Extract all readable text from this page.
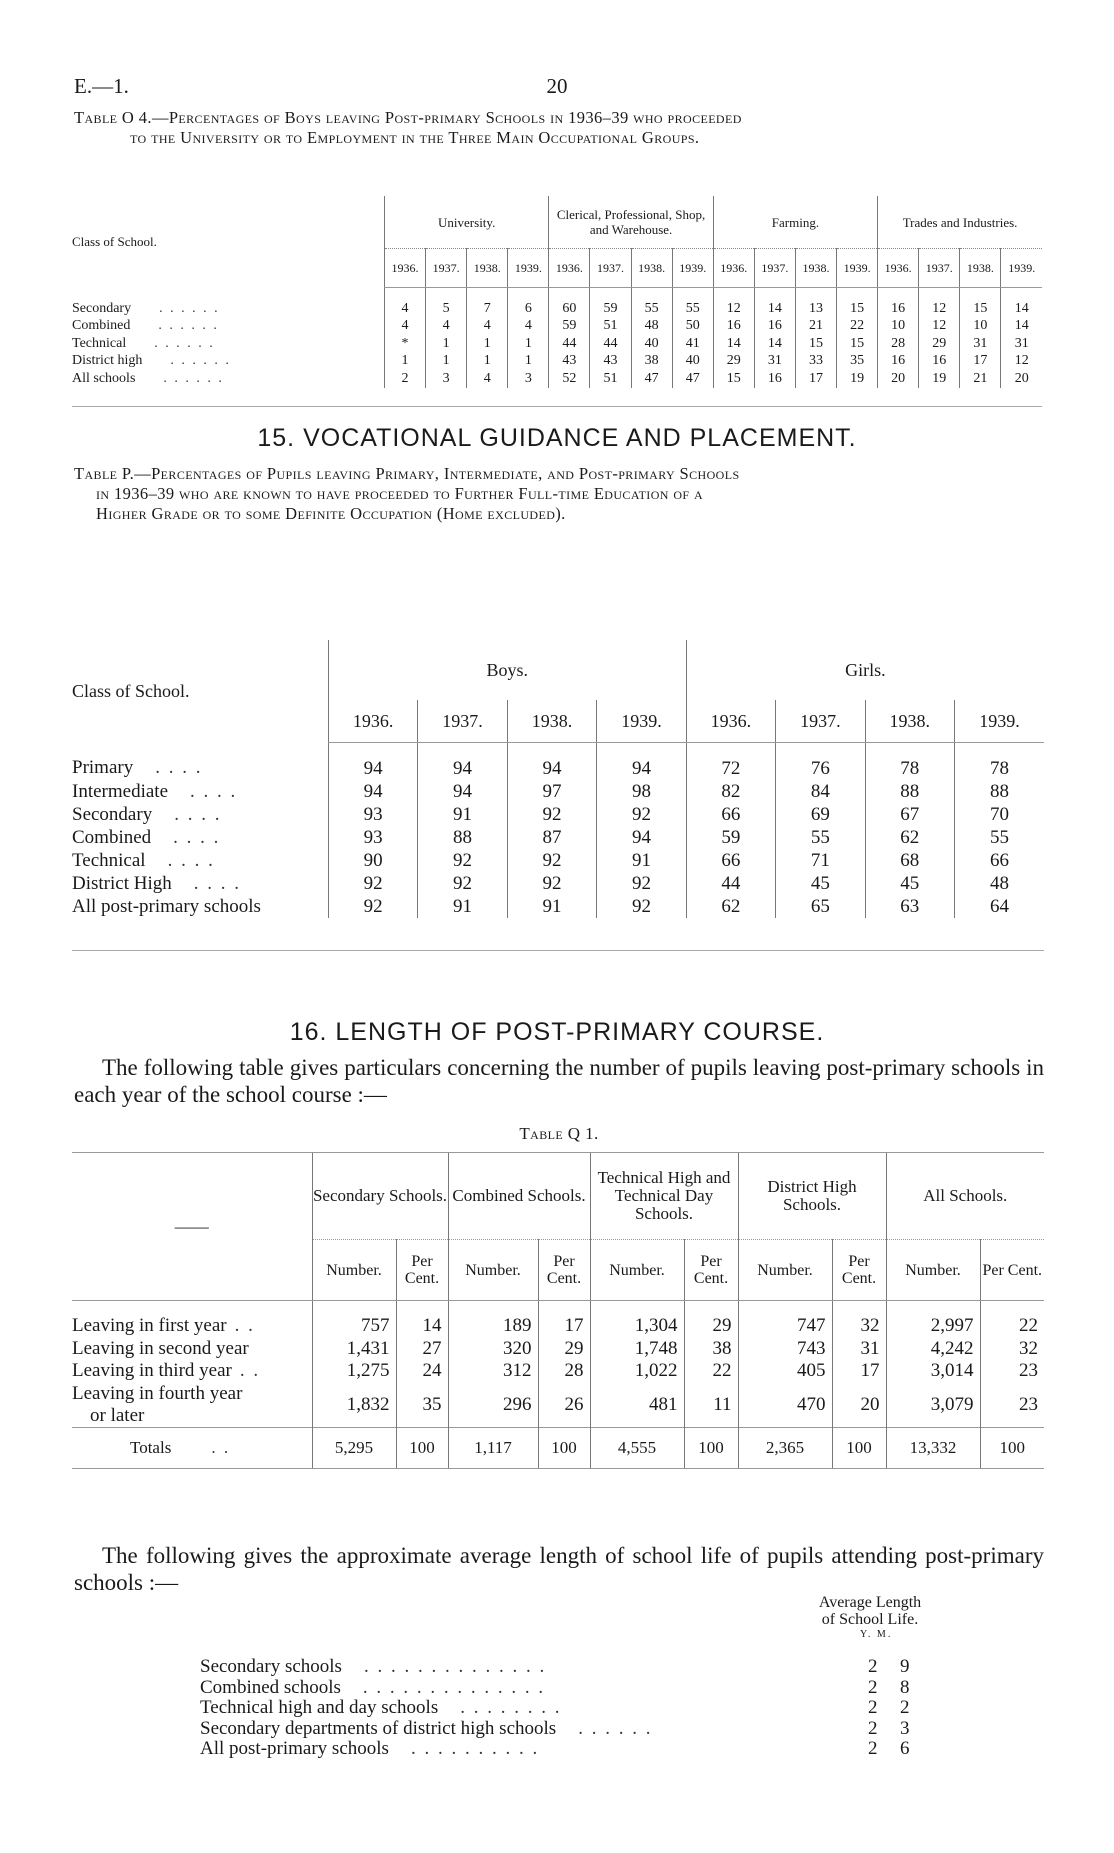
E.—1.	20
Table O 4.—Percentages of Boys leaving Post-primary Schools in 1936–39 who proceeded
to the University or to Employment in the Three Main Occupational Groups.
Class of School.	University.				Clerical, Professional, Shop, and Warehouse.				Farming.				Trades and Industries.			
	1936.	1937.	1938.	1939.	1936.	1937.	1938.	1939.	1936.	1937.	1938.	1939.	1936.	1937.	1938.	1939.
Secondary . . . . . .	4	5	7	6	60	59	55	55	12	14	13	15	16	12	15	14
Combined . . . . . .	4	4	4	4	59	51	48	50	16	16	21	22	10	12	10	14
Technical . . . . . .	*	1	1	1	44	44	40	41	14	14	15	15	28	29	31	31
District high . . . . . .	1	1	1	1	43	43	38	40	29	31	33	35	16	16	17	12
All schools . . . . . .	2	3	4	3	52	51	47	47	15	16	17	19	20	19	21	20

15. VOCATIONAL GUIDANCE AND PLACEMENT.
Table P.—Percentages of Pupils leaving Primary, Intermediate, and Post-primary Schools
in 1936–39 who are known to have proceeded to Further Full-time Education of a
Higher Grade or to some Definite Occupation (Home excluded).
Class of School.	Boys.				Girls.			
	1936.	1937.	1938.	1939.	1936.	1937.	1938.	1939.
Primary . . . .	94	94	94	94	72	76	78	78
Intermediate . . . .	94	94	97	98	82	84	88	88
Secondary . . . .	93	91	92	92	66	69	67	70
Combined . . . .	93	88	87	94	59	55	62	55
Technical . . . .	90	92	92	91	66	71	68	66
District High . . . .	92	92	92	92	44	45	45	48
All post-primary schools	92	91	91	92	62	65	63	64

16. LENGTH OF POST-PRIMARY COURSE.
The following table gives particulars concerning the number of pupils leaving post-primary schools in each year of the school course :—
Table Q 1.
——	Secondary Schools.		Combined Schools.		Technical High and Technical Day Schools.		District High Schools.		All Schools.	
	Number.	Per Cent.	Number.	Per Cent.	Number.	Per Cent.	Number.	Per Cent.	Number.	Per Cent.
Leaving in first year . .	757	14	189	17	1,304	29	747	32	2,997	22
Leaving in second year	1,431	27	320	29	1,748	38	743	31	4,242	32
Leaving in third year . .	1,275	24	312	28	1,022	22	405	17	3,014	23
Leaving in fourth year
or later	1,832	35	296	26	481	11	470	20	3,079	23
Totals . .	5,295	100	1,117	100	4,555	100	2,365	100	13,332	100
The following gives the approximate average length of school life of pupils attending post-primary schools :—
Average Length
of School Life.
Y. M.
Secondary schools . . . . . . . . . . . . . .	2 9
Combined schools . . . . . . . . . . . . . .	2 8
Technical high and day schools . . . . . . . .	2 2
Secondary departments of district high schools . . . . . .	2 3
All post-primary schools . . . . . . . . . .	2 6
